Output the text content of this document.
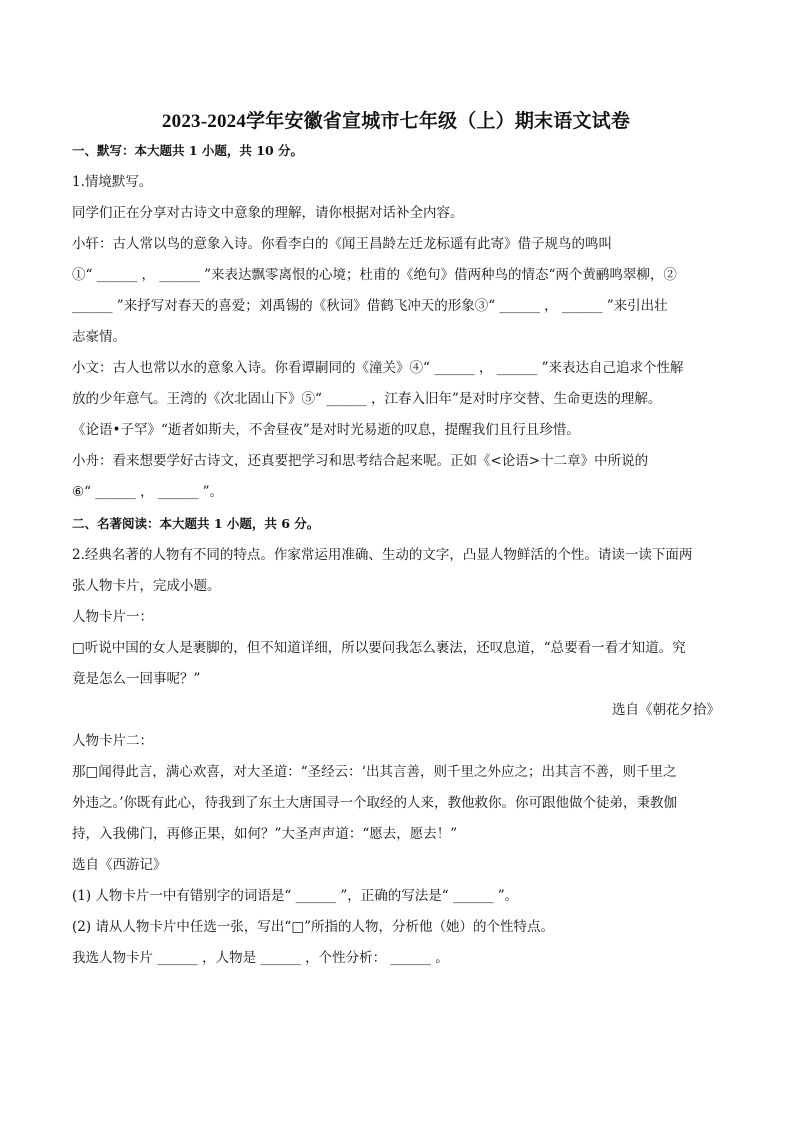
2023-2024学年安徽省宣城市七年级（上）期末语文试卷
一、默写：本大题共 1 小题，共 10 分。

1.情境默写。

同学们正在分享对古诗文中意象的理解，请你根据对话补全内容。

小轩：古人常以鸟的意象入诗。你看李白的《闻王昌龄左迁龙标遥有此寄》借子规鸟的鸣叫

①“ ______ ， ______ ”来表达飘零离恨的心境；杜甫的《绝句》借两种鸟的情态“两个黄鹂鸣翠柳，②

______ ”来抒写对春天的喜爱；刘禹锡的《秋词》借鹤飞冲天的形象③“ ______ ， ______ ”来引出壮

志豪情。

小文：古人也常以水的意象入诗。你看谭嗣同的《潼关》④“ ______ ， ______ ”来表达自己追求个性解

放的少年意气。王湾的《次北固山下》⑤“ ______ ，江春入旧年”是对时序交替、生命更迭的理解。

《论语•子罕》“逝者如斯夫，不舍昼夜”是对时光易逝的叹息，提醒我们且行且珍惜。

小舟：看来想要学好古诗文，还真要把学习和思考结合起来呢。正如《<论语>十二章》中所说的

⑥“ ______ ， ______ ”。

二、名著阅读：本大题共 1 小题，共 6 分。

2.经典名著的人物有不同的特点。作家常运用准确、生动的文字，凸显人物鲜活的个性。请读一读下面两

张人物卡片，完成小题。

人物卡片一：

□听说中国的女人是裹脚的，但不知道详细，所以要问我怎么裹法，还叹息道，“总要看一看才知道。究

竟是怎么一回事呢？”

选自《朝花夕拾》

人物卡片二：

那□闻得此言，满心欢喜，对大圣道：“圣经云：‘出其言善，则千里之外应之；出其言不善，则千里之

外违之。’你既有此心，待我到了东土大唐国寻一个取经的人来，教他救你。你可跟他做个徒弟，秉教伽

持，入我佛门，再修正果，如何？”大圣声声道：“愿去，愿去！”

选自《西游记》

(1) 人物卡片一中有错别字的词语是“ ______ ”，正确的写法是“ ______ ”。

(2) 请从人物卡片中任选一张，写出“□”所指的人物，分析他（她）的个性特点。

我选人物卡片 ______ ，人物是 ______ ，个性分析： ______ 。
